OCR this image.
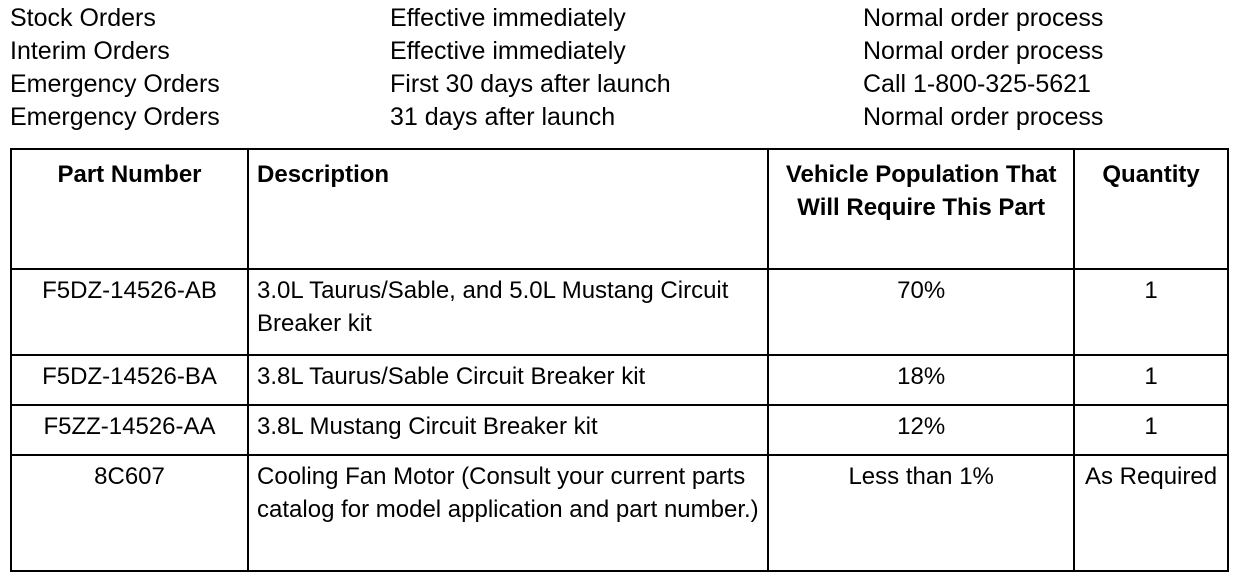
Stock Orders	Effective immediately	Normal order process
Interim Orders	Effective immediately	Normal order process
Emergency Orders	First 30 days after launch	Call 1-800-325-5621
Emergency Orders	31 days after launch	Normal order process
Part Number	Description	Vehicle Population That Will Require This Part	Quantity
F5DZ-14526-AB	3.0L Taurus/Sable, and 5.0L Mustang Circuit Breaker kit	70%	1
F5DZ-14526-BA	3.8L Taurus/Sable Circuit Breaker kit	18%	1
F5ZZ-14526-AA	3.8L Mustang Circuit Breaker kit	12%	1
8C607	Cooling Fan Motor (Consult your current parts catalog for model application and part number.)	Less than 1%	As Required
